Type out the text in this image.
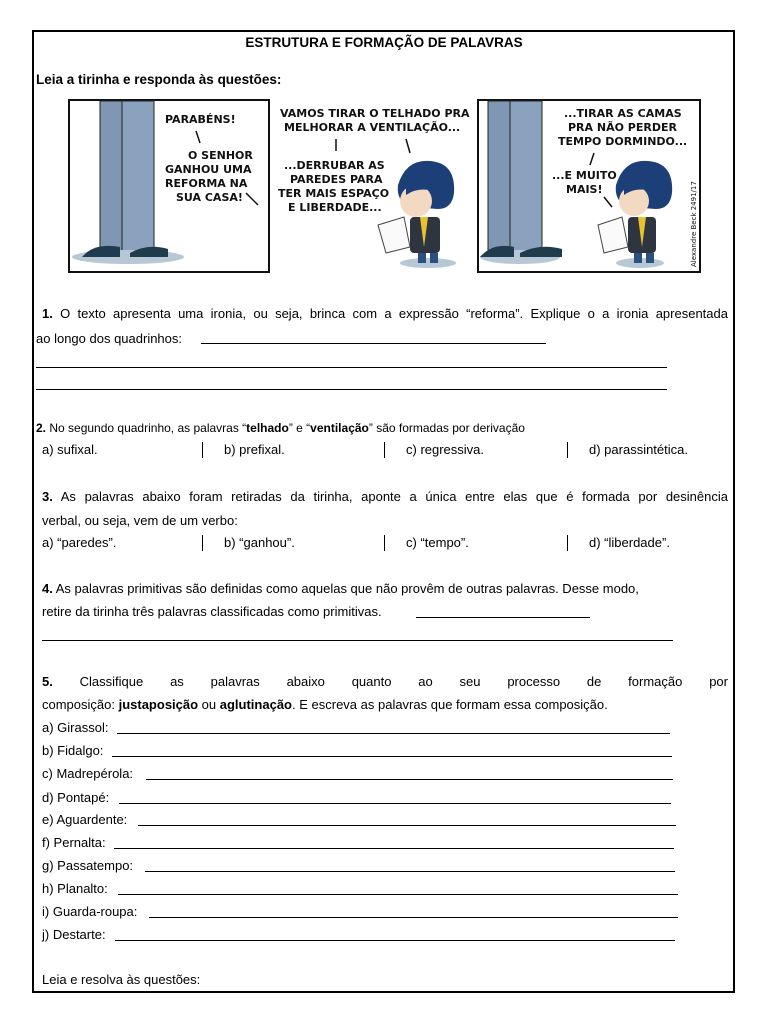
ESTRUTURA E FORMAÇÃO DE PALAVRAS
Leia a tirinha e responda às questões:
PARABÉNS!
O SENHOR
GANHOU UMA
REFORMA NA
SUA CASA!
VAMOS TIRAR O TELHADO PRA
MELHORAR A VENTILAÇÃO...
...DERRUBAR AS
PAREDES PARA
TER MAIS ESPAÇO
E LIBERDADE...
...TIRAR AS CAMAS
PRA NÃO PERDER
TEMPO DORMINDO...
...E MUITO
MAIS!	Alexandre Beck 2491/17
1. O texto apresenta uma ironia, ou seja, brinca com a expressão “reforma”. Explique o a ironia apresentada
ao longo dos quadrinhos:
2. No segundo quadrinho, as palavras “telhado” e “ventilação” são formadas por derivação
a) sufixal.	b) prefixal.	c) regressiva.	d) parassintética.
3. As palavras abaixo foram retiradas da tirinha, aponte a única entre elas que é formada por desinência
verbal, ou seja, vem de um verbo:
a) “paredes”.	b) “ganhou”.	c) “tempo”.	d) “liberdade”.
4. As palavras primitivas são definidas como aquelas que não provêm de outras palavras. Desse modo,
retire da tirinha três palavras classificadas como primitivas.
5. Classifique as palavras abaixo quanto ao seu processo de formação por
composição: justaposição ou aglutinação. E escreva as palavras que formam essa composição.
a) Girassol:
b) Fidalgo:
c) Madrepérola:
d) Pontapé:
e) Aguardente:
f) Pernalta:
g) Passatempo:
h) Planalto:
i) Guarda-roupa:
j) Destarte:
Leia e resolva às questões:
